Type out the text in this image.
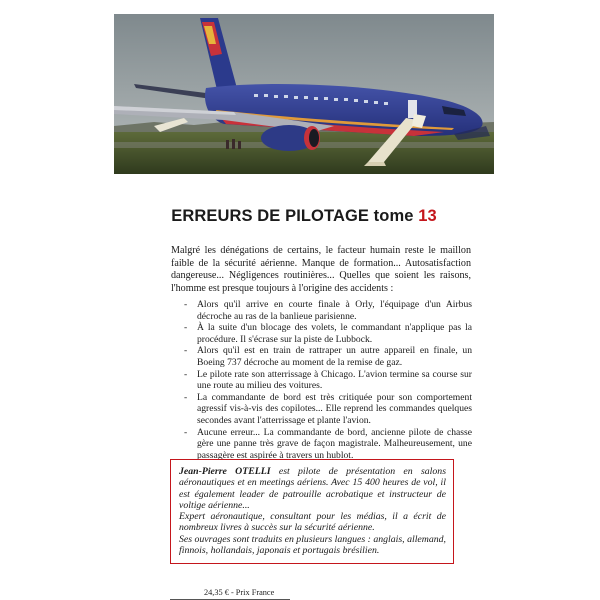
ERREURS DE PILOTAGE tome 13
Malgré les dénégations de certains, le facteur humain reste le maillon faible de la sécurité aérienne. Manque de formation... Autosatisfaction dangereuse... Négligences routinières... Quelles que soient les raisons, l'homme est presque toujours à l'origine des accidents :
- Alors qu'il arrive en courte finale à Orly, l'équipage d'un Airbus décroche au ras de la banlieue parisienne.
- À la suite d'un blocage des volets, le commandant n'applique pas la procédure. Il s'écrase sur la piste de Lubbock.
- Alors qu'il est en train de rattraper un autre appareil en finale, un Boeing 737 décroche au moment de la remise de gaz.
- Le pilote rate son atterrissage à Chicago. L'avion termine sa course sur une route au milieu des voitures.
- La commandante de bord est très critiquée pour son comportement agressif vis-à-vis des copilotes... Elle reprend les commandes quelques secondes avant l'atterrissage et plante l'avion.
- Aucune erreur... La commandante de bord, ancienne pilote de chasse gère une panne très grave de façon magistrale. Malheureusement, une passagère est aspirée à travers un hublot.

Jean-Pierre OTELLI est pilote de présentation en salons aéronautiques et en meetings aériens. Avec 15 400 heures de vol, il est également leader de patrouille acrobatique et instructeur de voltige aérienne...

Expert aéronautique, consultant pour les médias, il a écrit de nombreux livres à succès sur la sécurité aérienne.

Ses ouvrages sont traduits en plusieurs langues : anglais, allemand, finnois, hollandais, japonais et portugais brésilien.

24,35 € - Prix France
